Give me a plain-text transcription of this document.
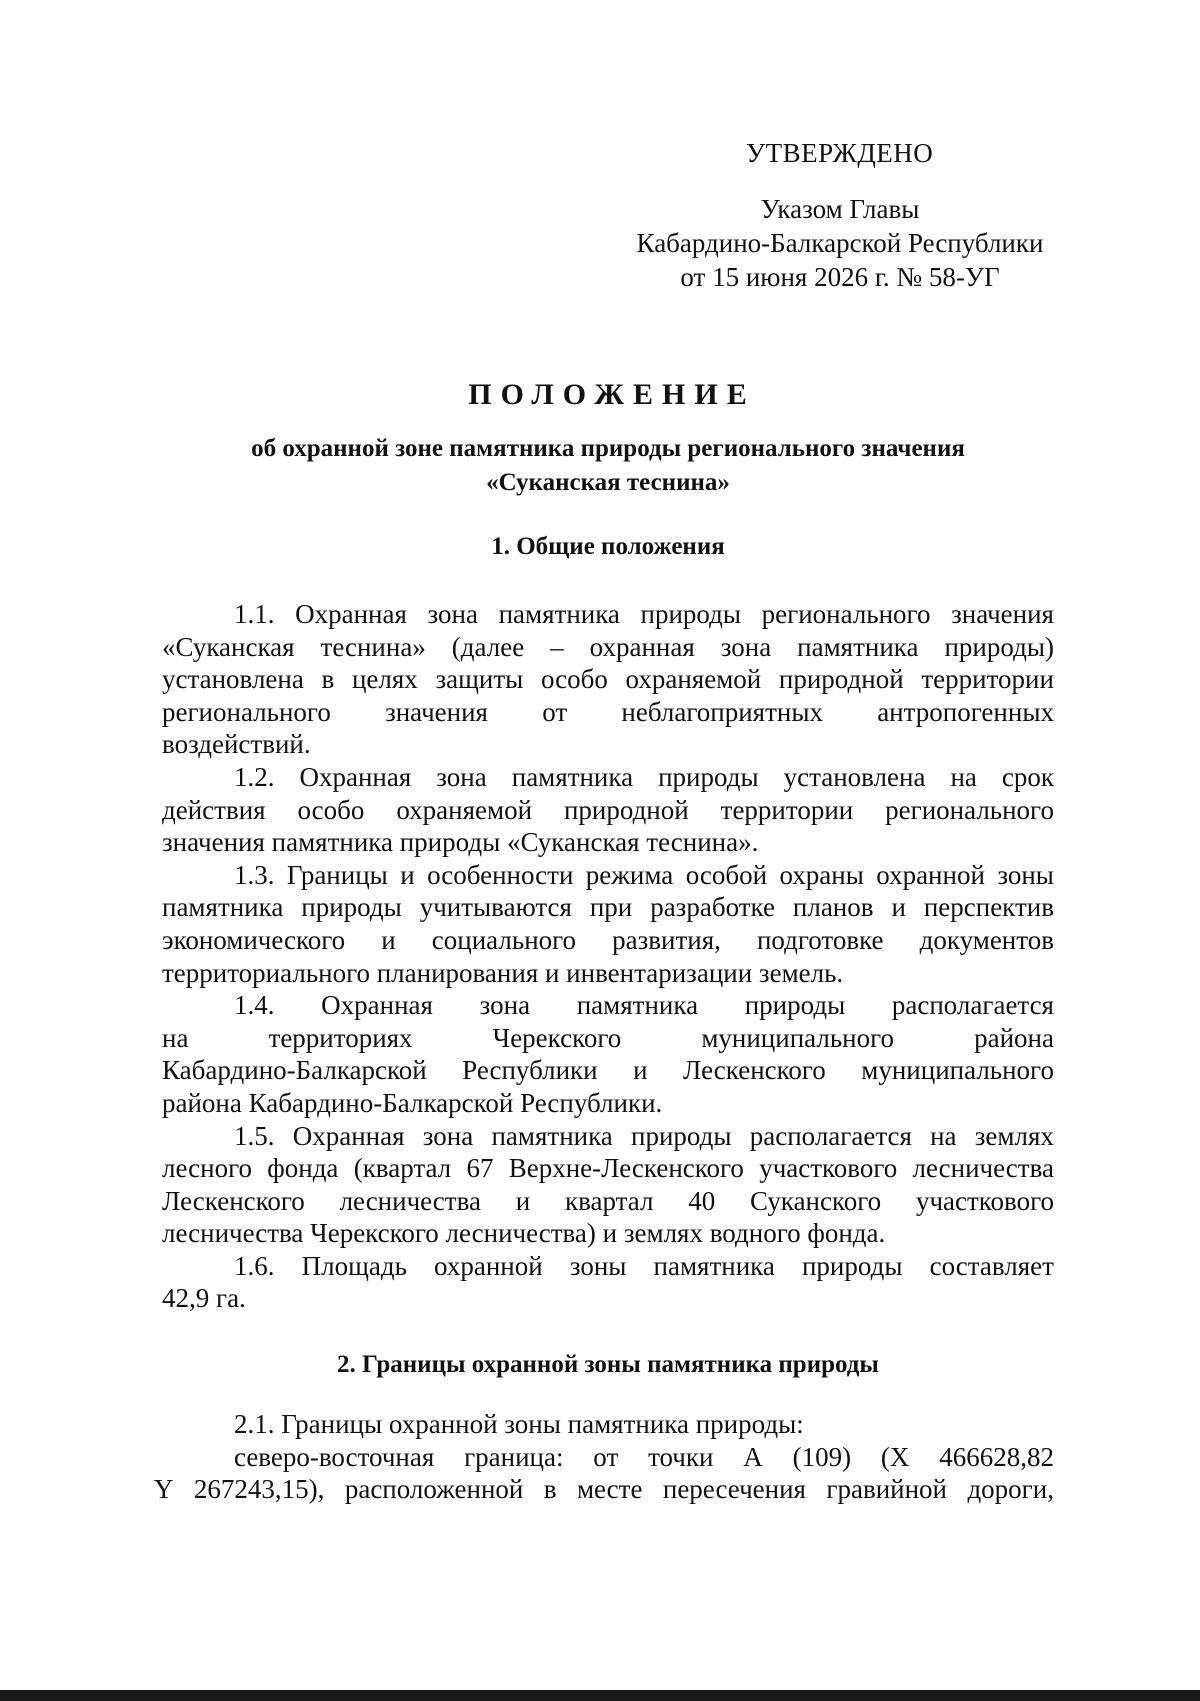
УТВЕРЖДЕНО
Указом Главы
Кабардино-Балкарской Республики
от 15 июня 2026 г. № 58-УГ
ПОЛОЖЕНИЕ
об охранной зоне памятника природы регионального значения
«Суканская теснина»
1. Общие положения
1.1. Охранная зона памятника природы регионального значения
«Суканская теснина» (далее – охранная зона памятника природы)
установлена в целях защиты особо охраняемой природной территории
регионального значения от неблагоприятных антропогенных
воздействий.
1.2. Охранная зона памятника природы установлена на срок
действия особо охраняемой природной территории регионального
значения памятника природы «Суканская теснина».
1.3. Границы и особенности режима особой охраны охранной зоны
памятника природы учитываются при разработке планов и перспектив
экономического и социального развития, подготовке документов
территориального планирования и инвентаризации земель.
1.4. Охранная зона памятника природы располагается
на	территориях	Черекского	муниципального	района
Кабардино-Балкарской Республики и Лескенского муниципального
района Кабардино-Балкарской Республики.
1.5. Охранная зона памятника природы располагается на землях
лесного фонда (квартал 67 Верхне-Лескенского участкового лесничества
Лескенского лесничества и квартал 40 Суканского участкового
лесничества Черекского лесничества) и землях водного фонда.
1.6. Площадь охранной зоны памятника природы составляет
42,9 га.
2. Границы охранной зоны памятника природы
2.1. Границы охранной зоны памятника природы:
северо-восточная граница: от точки А (109) (Х 466628,82
Y 267243,15), расположенной в месте пересечения гравийной дороги,
